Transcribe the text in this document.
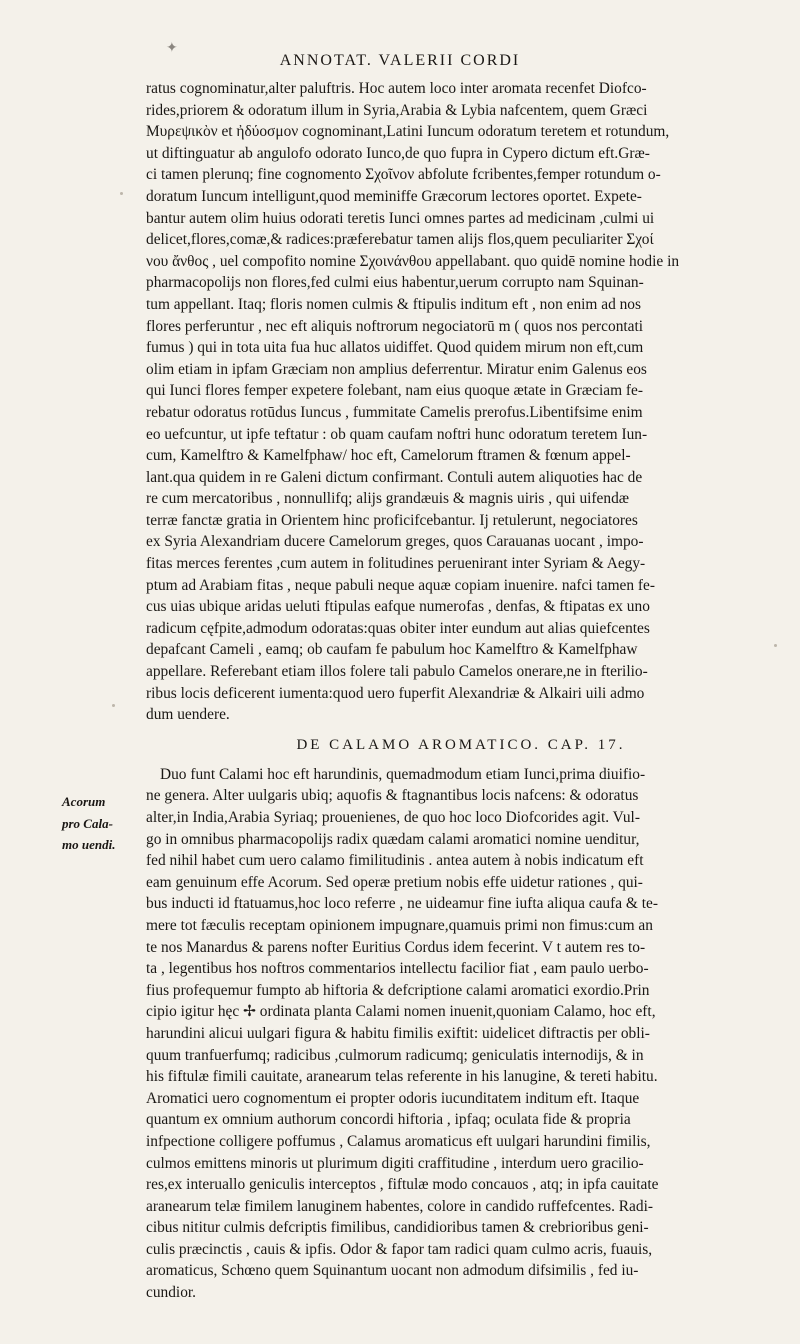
✦
ANNOTAT. VALERII CORDI
Acorum
pro Cala-
mo uendi.
ratus cognominatur,alter paluftris. Hoc autem loco inter aromata recenfet Diofco-
rides,priorem & odoratum illum in Syria,Arabia & Lybia nafcentem, quem Græci
Μυρεψικὸν et ἠδύοσμον cognominant,Latini Iuncum odoratum teretem et rotundum,
ut diftinguatur ab angulofo odorato Iunco,de quo fupra in Cypero dictum eft.Græ-
ci tamen plerunq; fine cognomento Σχοῖνον abfolute fcribentes,femper rotundum o-
doratum Iuncum intelligunt,quod meminiffe Græcorum lectores oportet. Expete-
bantur autem olim huius odorati teretis Iunci omnes partes ad medicinam ,culmi ui
delicet,flores,comæ,& radices:præferebatur tamen alijs flos,quem peculiariter Σχοί
νου ἄνθος , uel compofito nomine Σχοινάνθου appellabant. quo quidē nomine hodie in
pharmacopolijs non flores,fed culmi eius habentur,uerum corrupto nam Squinan-
tum appellant. Itaq; floris nomen culmis & ftipulis inditum eft , non enim ad nos
flores perferuntur , nec eft aliquis noftrorum negociatorū m ( quos nos percontati
fumus ) qui in tota uita fua huc allatos uidiffet. Quod quidem mirum non eft,cum
olim etiam in ipfam Græciam non amplius deferrentur. Miratur enim Galenus eos
qui Iunci flores femper expetere folebant, nam eius quoque ætate in Græciam fe-
rebatur odoratus rotūdus Iuncus , fummitate Camelis prerofus.Libentifsime enim
eo uefcuntur, ut ipfe teftatur : ob quam caufam noftri hunc odoratum teretem Iun-
cum, Kamelftro & Kamelfphaw/ hoc eft, Camelorum ftramen & fœnum appel-
lant.qua quidem in re Galeni dictum confirmant. Contuli autem aliquoties hac de
re cum mercatoribus , nonnullifq; alijs grandæuis & magnis uiris , qui uifendæ
terræ fanctæ gratia in Orientem hinc proficifcebantur. Ij retulerunt, negociatores
ex Syria Alexandriam ducere Camelorum greges, quos Carauanas uocant , impo-
fitas merces ferentes ,cum autem in folitudines peruenirant inter Syriam & Aegy-
ptum ad Arabiam fitas , neque pabuli neque aquæ copiam inuenire. nafci tamen fe-
cus uias ubique aridas ueluti ftipulas eafque numerofas , denfas, & ftipatas ex uno
radicum cęfpite,admodum odoratas:quas obiter inter eundum aut alias quiefcentes
depafcant Cameli , eamq; ob caufam fe pabulum hoc Kamelftro & Kamelfphaw
appellare. Referebant etiam illos folere tali pabulo Camelos onerare,ne in fterilio-
ribus locis deficerent iumenta:quod uero fuperfit Alexandriæ & Alkairi uili admo
dum uendere.
DE CALAMO AROMATICO. CAP. 17.
Duo funt Calami hoc eft harundinis, quemadmodum etiam Iunci,prima diuifio-
ne genera. Alter uulgaris ubiq; aquofis & ftagnantibus locis nafcens: & odoratus
alter,in India,Arabia Syriaq; prouenienes, de quo hoc loco Diofcorides agit. Vul-
go in omnibus pharmacopolijs radix quædam calami aromatici nomine uenditur,
fed nihil habet cum uero calamo fimilitudinis . antea autem à nobis indicatum eft
eam genuinum effe Acorum. Sed operæ pretium nobis effe uidetur rationes , qui-
bus inducti id ftatuamus,hoc loco referre , ne uideamur fine iufta aliqua caufa & te-
mere tot fæculis receptam opinionem impugnare,quamuis primi non fimus:cum an
te nos Manardus & parens nofter Euritius Cordus idem fecerint. V t autem res to-
ta , legentibus hos noftros commentarios intellectu facilior fiat , eam paulo uerbo-
fius profequemur fumpto ab hiftoria & defcriptione calami aromatici exordio.Prin
cipio igitur hęc ✢ ordinata planta Calami nomen inuenit,quoniam Calamo, hoc eft,
harundini alicui uulgari figura & habitu fimilis exiftit: uidelicet diftractis per obli-
quum tranfuerfumq; radicibus ,culmorum radicumq; geniculatis internodijs, & in
his fiftulæ fimili cauitate, aranearum telas referente in his lanugine, & tereti habitu.
Aromatici uero cognomentum ei propter odoris iucunditatem inditum eft. Itaque
quantum ex omnium authorum concordi hiftoria , ipfaq; oculata fide & propria
infpectione colligere poffumus , Calamus aromaticus eft uulgari harundini fimilis,
culmos emittens minoris ut plurimum digiti craffitudine , interdum uero gracilio-
res,ex interuallo geniculis interceptos , fiftulæ modo concauos , atq; in ipfa cauitate
aranearum telæ fimilem lanuginem habentes, colore in candido ruffefcentes. Radi-
cibus nititur culmis defcriptis fimilibus, candidioribus tamen & crebrioribus geni-
culis præcinctis , cauis & ipfis. Odor & fapor tam radici quam culmo acris, fuauis,
aromaticus, Schœno quem Squinantum uocant non admodum difsimilis , fed iu-
cundior.
